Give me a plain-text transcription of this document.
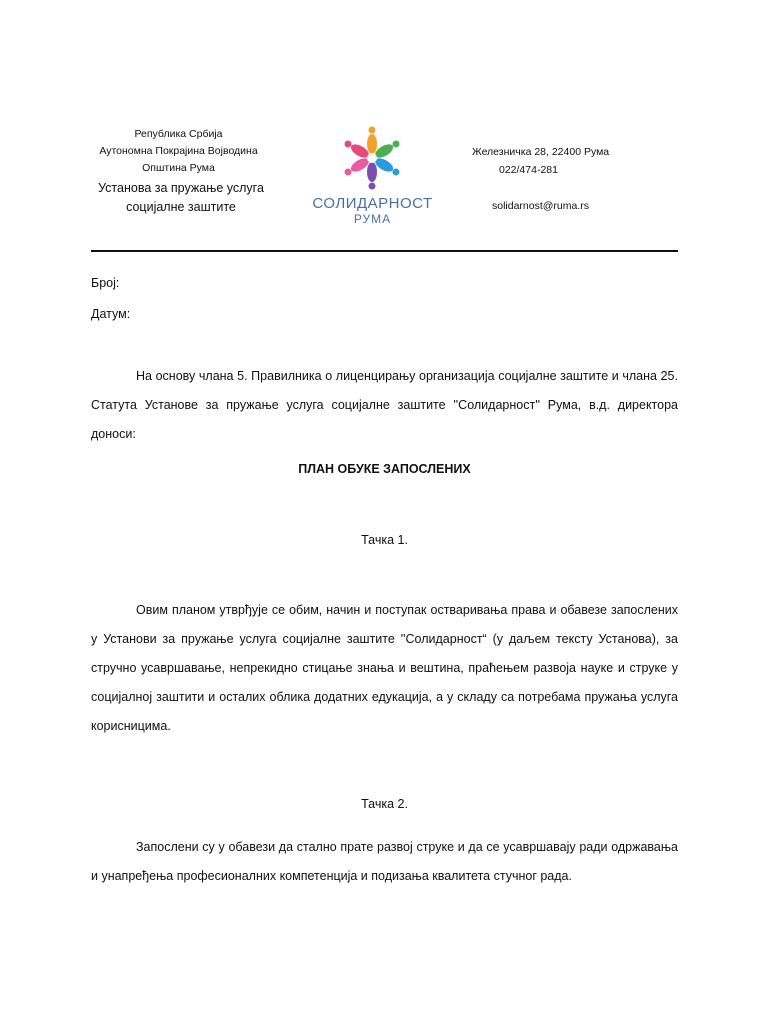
Република Србија
Аутономна Покрајина Војводина
Општина Рума
Установа за пружање услуга
социјалне заштите	СОЛИДАРНОСТ
РУМА
Железничка 28, 22400 Рума
022/474-281
solidarnost@ruma.rs
Број:
Датум:
На основу члана 5. Правилника о лиценцирању организација социјалне заштите и члана 25. Статута Установе за пружање услуга социјалне заштите ''Солидарност'' Рума, в.д. директора доноси:
ПЛАН ОБУКЕ ЗАПОСЛЕНИХ
Тачка 1.
Овим планом утврђује се обим, начин и поступак остваривања права и обавезе запослених у Установи за пружање услуга социјалне заштите ''Солидарност“ (у даљем тексту Установа), за стручно усавршавање, непрекидно стицање знања и вештина, праћењем развоја науке и струке у социјалној заштити и осталих облика додатних едукација, а у складу са потребама пружања услуга корисницима.
Тачка 2.
Запослени су у обавези да стално прате развој струке и да се усавршавају ради одржавања и унапређења професионалних компетенција и подизања квалитета стучног рада.
